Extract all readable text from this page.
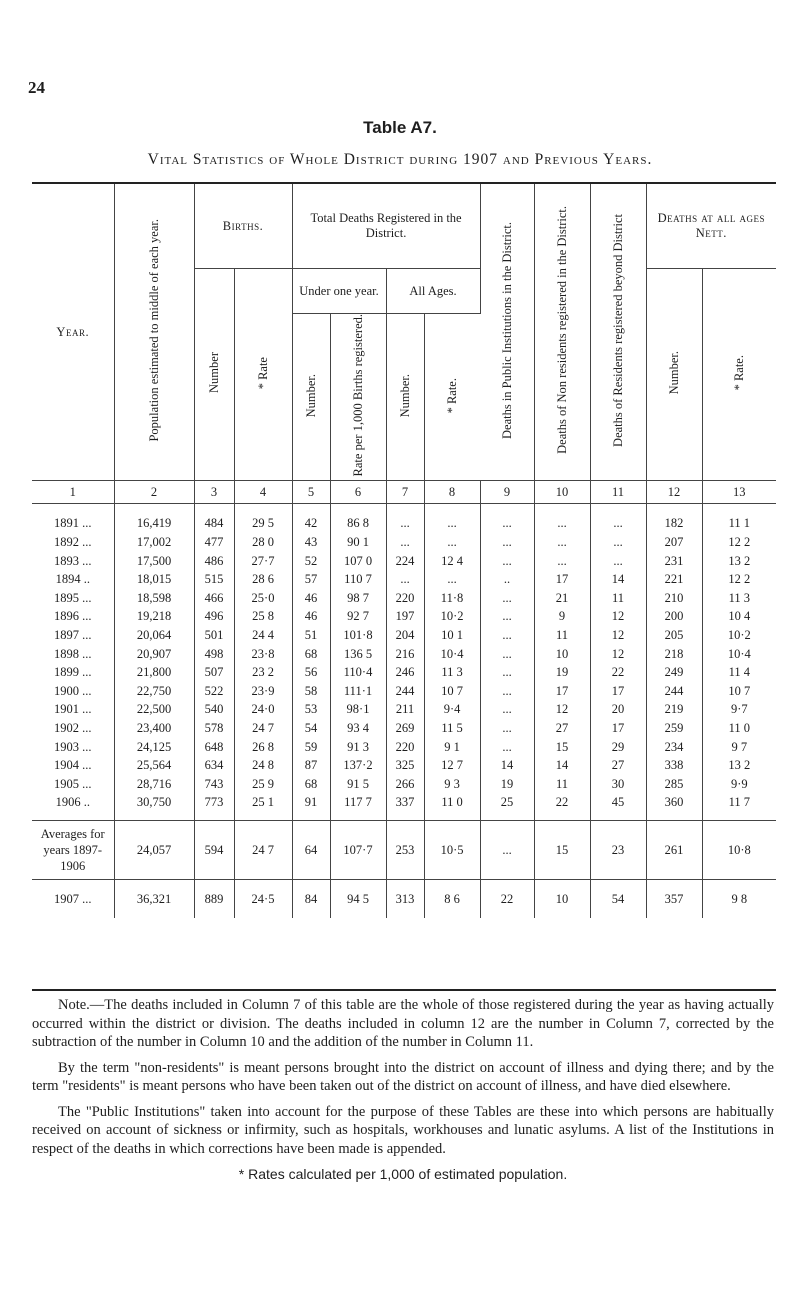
24
Table A7.
Vital Statistics of Whole District during 1907 and Previous Years.
Year.	Population estimated to middle of each year.	Births.		Total Deaths Registered in the District.				Deaths in Public Institutions in the District.	Deaths of Non residents registered in the District.	Deaths of Residents registered beyond District	Deaths at all ages Nett.	
		Number	* Rate	Under one year.		All Ages.					Number.	* Rate.
				Number.	Rate per 1,000 Births registered.	Number.	* Rate.					
1	2	3	4	5	6	7	8	9	10	11	12	13
1891 ...	16,419	484	29 5	42	86 8	...	...	...	...	...	182	11 1
1892 ...	17,002	477	28 0	43	90 1	...	...	...	...	...	207	12 2
1893 ...	17,500	486	27·7	52	107 0	224	12 4	...	...	...	231	13 2
1894 ..	18,015	515	28 6	57	110 7	...	...	..	17	14	221	12 2
1895 ...	18,598	466	25·0	46	98 7	220	11·8	...	21	11	210	11 3
1896 ...	19,218	496	25 8	46	92 7	197	10·2	...	9	12	200	10 4
1897 ...	20,064	501	24 4	51	101·8	204	10 1	...	11	12	205	10·2
1898 ...	20,907	498	23·8	68	136 5	216	10·4	...	10	12	218	10·4
1899 ...	21,800	507	23 2	56	110·4	246	11 3	...	19	22	249	11 4
1900 ...	22,750	522	23·9	58	111·1	244	10 7	...	17	17	244	10 7
1901 ...	22,500	540	24·0	53	98·1	211	9·4	...	12	20	219	9·7
1902 ...	23,400	578	24 7	54	93 4	269	11 5	...	27	17	259	11 0
1903 ...	24,125	648	26 8	59	91 3	220	9 1	...	15	29	234	9 7
1904 ...	25,564	634	24 8	87	137·2	325	12 7	14	14	27	338	13 2
1905 ...	28,716	743	25 9	68	91 5	266	9 3	19	11	30	285	9·9
1906 ..	30,750	773	25 1	91	117 7	337	11 0	25	22	45	360	11 7

Averages for years 1897-1906	24,057	594	24 7	64	107·7	253	10·5	...	15	23	261	10·8
1907 ...	36,321	889	24·5	84	94 5	313	8 6	22	10	54	357	9 8

Note.—The deaths included in Column 7 of this table are the whole of those registered during the year as having actually occurred within the district or division. The deaths included in column 12 are the number in Column 7, corrected by the subtraction of the number in Column 10 and the addition of the number in Column 11.

By the term "non-residents" is meant persons brought into the district on account of illness and dying there; and by the term "residents" is meant persons who have been taken out of the district on account of illness, and have died elsewhere.

The "Public Institutions" taken into account for the purpose of these Tables are these into which persons are habitually received on account of sickness or infirmity, such as hospitals, workhouses and lunatic asylums. A list of the Institutions in respect of the deaths in which corrections have been made is appended.

* Rates calculated per 1,000 of estimated population.
